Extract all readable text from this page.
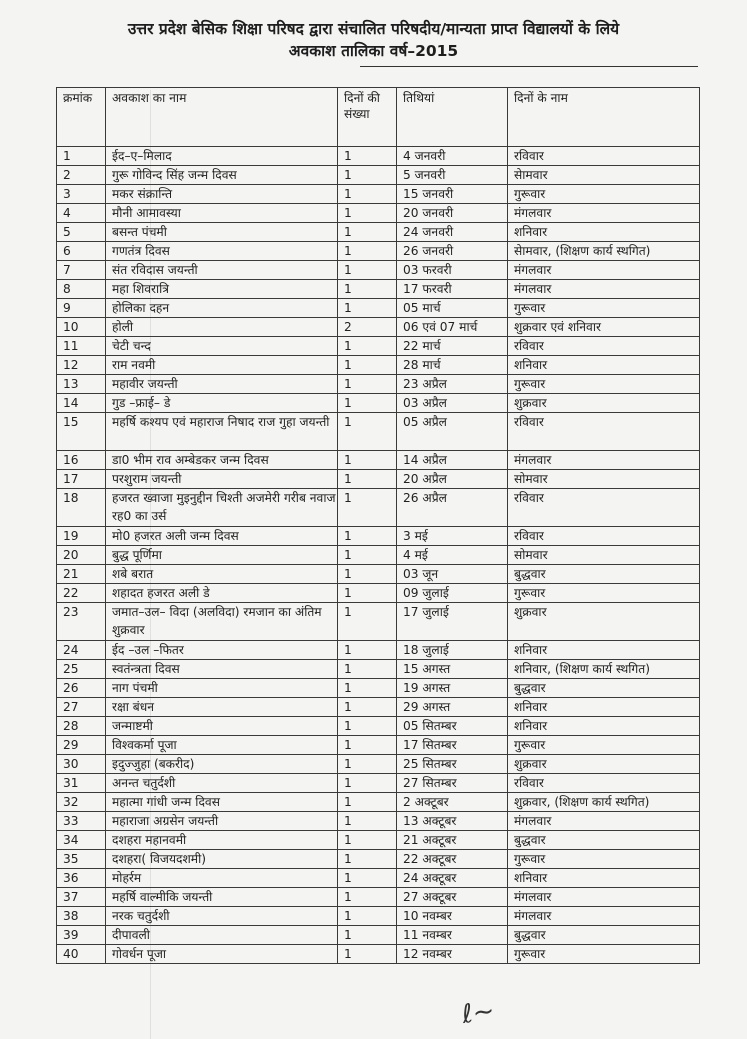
उत्तर प्रदेश बेसिक शिक्षा परिषद द्वारा संचालित परिषदीय/मान्यता प्राप्त विद्यालयों के लिये
अवकाश तालिका वर्ष–2015
क्रमांक	अवकाश का नाम	दिनों की संख्या	तिथियां	दिनों के नाम
1	ईद–ए–मिलाद	1	4 जनवरी	रविवार
2	गुरू गोविन्द सिंह जन्म दिवस	1	5 जनवरी	सेामवार
3	मकर संक्रान्ति	1	15 जनवरी	गुरूवार
4	मौनी आमावस्या	1	20 जनवरी	मंगलवार
5	बसन्त पंचमी	1	24 जनवरी	शनिवार
6	गणतंत्र दिवस	1	26 जनवरी	सेामवार, (शिक्षण कार्य स्थगित)
7	संत रविदास जयन्ती	1	03 फरवरी	मंगलवार
8	महा शिवरात्रि	1	17 फरवरी	मंगलवार
9	होलिका दहन	1	05 मार्च	गुरूवार
10	होली	2	06 एवं 07 मार्च	शुक्रवार एवं शनिवार
11	चेटी चन्द	1	22 मार्च	रविवार
12	राम नवमी	1	28 मार्च	शनिवार
13	महावीर जयन्ती	1	23 अप्रैल	गुरूवार
14	गुड –फ्राई– डे	1	03 अप्रैल	शुक्रवार
15	महर्षि कश्यप एवं महाराज निषाद राज गुहा जयन्ती	1	05 अप्रैल	रविवार
16	डा0 भीम राव अम्बेडकर जन्म दिवस	1	14 अप्रैल	मंगलवार
17	परशुराम जयन्ती	1	20 अप्रैल	सोमवार
18	हजरत ख्वाजा मुइनुद्दीन चिश्ती अजमेरी गरीब नवाज रह0 का उर्स	1	26 अप्रैल	रविवार
19	मो0 हजरत अली जन्म दिवस	1	3 मई	रविवार
20	बुद्ध पूर्णिमा	1	4 मई	सोमवार
21	शबे बरात	1	03 जून	बुद्धवार
22	शहादत हजरत अली डे	1	09 जुलाई	गुरूवार
23	जमात–उल– विदा (अलविदा) रमजान का अंतिम शुक्रवार	1	17 जुलाई	शुक्रवार
24	ईद –उल –फितर	1	18 जुलाई	शनिवार
25	स्वतंन्त्रता दिवस	1	15 अगस्त	शनिवार, (शिक्षण कार्य स्थगित)
26	नाग पंचमी	1	19 अगस्त	बुद्धवार
27	रक्षा बंधन	1	29 अगस्त	शनिवार
28	जन्माष्टमी	1	05 सितम्बर	शनिवार
29	विश्वकर्मा पूजा	1	17 सितम्बर	गुरूवार
30	इदुज्जुहा (बकरीद)	1	25 सितम्बर	शुक्रवार
31	अनन्त चतुर्दशी	1	27 सितम्बर	रविवार
32	महात्मा गांधी जन्म दिवस	1	2 अक्टूबर	शुक्रवार, (शिक्षण कार्य स्थगित)
33	महाराजा अग्रसेन जयन्ती	1	13 अक्टूबर	मंगलवार
34	दशहरा महानवमी	1	21 अक्टूबर	बुद्धवार
35	दशहरा( विजयदशमी)	1	22 अक्टूबर	गुरूवार
36	मोहर्रम	1	24 अक्टूबर	शनिवार
37	महर्षि वाल्मीकि जयन्ती	1	27 अक्टूबर	मंगलवार
38	नरक चतुर्दशी	1	10 नवम्बर	मंगलवार
39	दीपावली	1	11 नवम्बर	बुद्धवार
40	गोवर्धन पूजा	1	12 नवम्बर	गुरूवार
ℓ~
